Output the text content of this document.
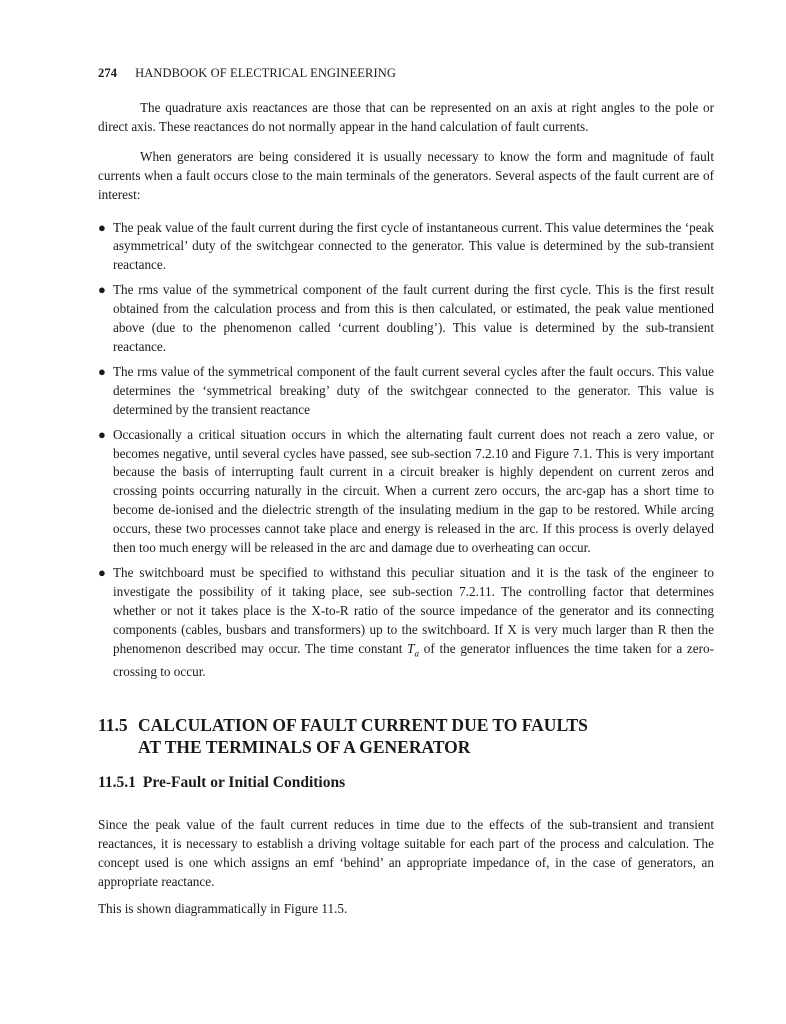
274 HANDBOOK OF ELECTRICAL ENGINEERING

The quadrature axis reactances are those that can be represented on an axis at right angles to the pole or direct axis. These reactances do not normally appear in the hand calculation of fault currents.

When generators are being considered it is usually necessary to know the form and magnitude of fault currents when a fault occurs close to the main terminals of the generators. Several aspects of the fault current are of interest:

● The peak value of the fault current during the first cycle of instantaneous current. This value determines the ‘peak asymmetrical’ duty of the switchgear connected to the generator. This value is determined by the sub-transient reactance.
● The rms value of the symmetrical component of the fault current during the first cycle. This is the first result obtained from the calculation process and from this is then calculated, or estimated, the peak value mentioned above (due to the phenomenon called ‘current doubling’). This value is determined by the sub-transient reactance.
● The rms value of the symmetrical component of the fault current several cycles after the fault occurs. This value determines the ‘symmetrical breaking’ duty of the switchgear connected to the generator. This value is determined by the transient reactance
● Occasionally a critical situation occurs in which the alternating fault current does not reach a zero value, or becomes negative, until several cycles have passed, see sub-section 7.2.10 and Figure 7.1. This is very important because the basis of interrupting fault current in a circuit breaker is highly dependent on current zeros and crossing points occurring naturally in the circuit. When a current zero occurs, the arc-gap has a short time to become de-ionised and the dielectric strength of the insulating medium in the gap to be restored. While arcing occurs, these two processes cannot take place and energy is released in the arc. If this process is overly delayed then too much energy will be released in the arc and damage due to overheating can occur.
● The switchboard must be specified to withstand this peculiar situation and it is the task of the engineer to investigate the possibility of it taking place, see sub-section 7.2.11. The controlling factor that determines whether or not it takes place is the X-to-R ratio of the source impedance of the generator and its connecting components (cables, busbars and transformers) up to the switchboard. If X is very much larger than R then the phenomenon described may occur. The time constant $T_a$ of the generator influences the time taken for a zero-crossing to occur.
11.5 CALCULATION OF FAULT CURRENT DUE TO FAULTS
AT THE TERMINALS OF A GENERATOR
11.5.1 Pre-Fault or Initial Conditions

Since the peak value of the fault current reduces in time due to the effects of the sub-transient and transient reactances, it is necessary to establish a driving voltage suitable for each part of the process and calculation. The concept used is one which assigns an emf ‘behind’ an appropriate impedance of, in the case of generators, an appropriate reactance.

This is shown diagrammatically in Figure 11.5.
